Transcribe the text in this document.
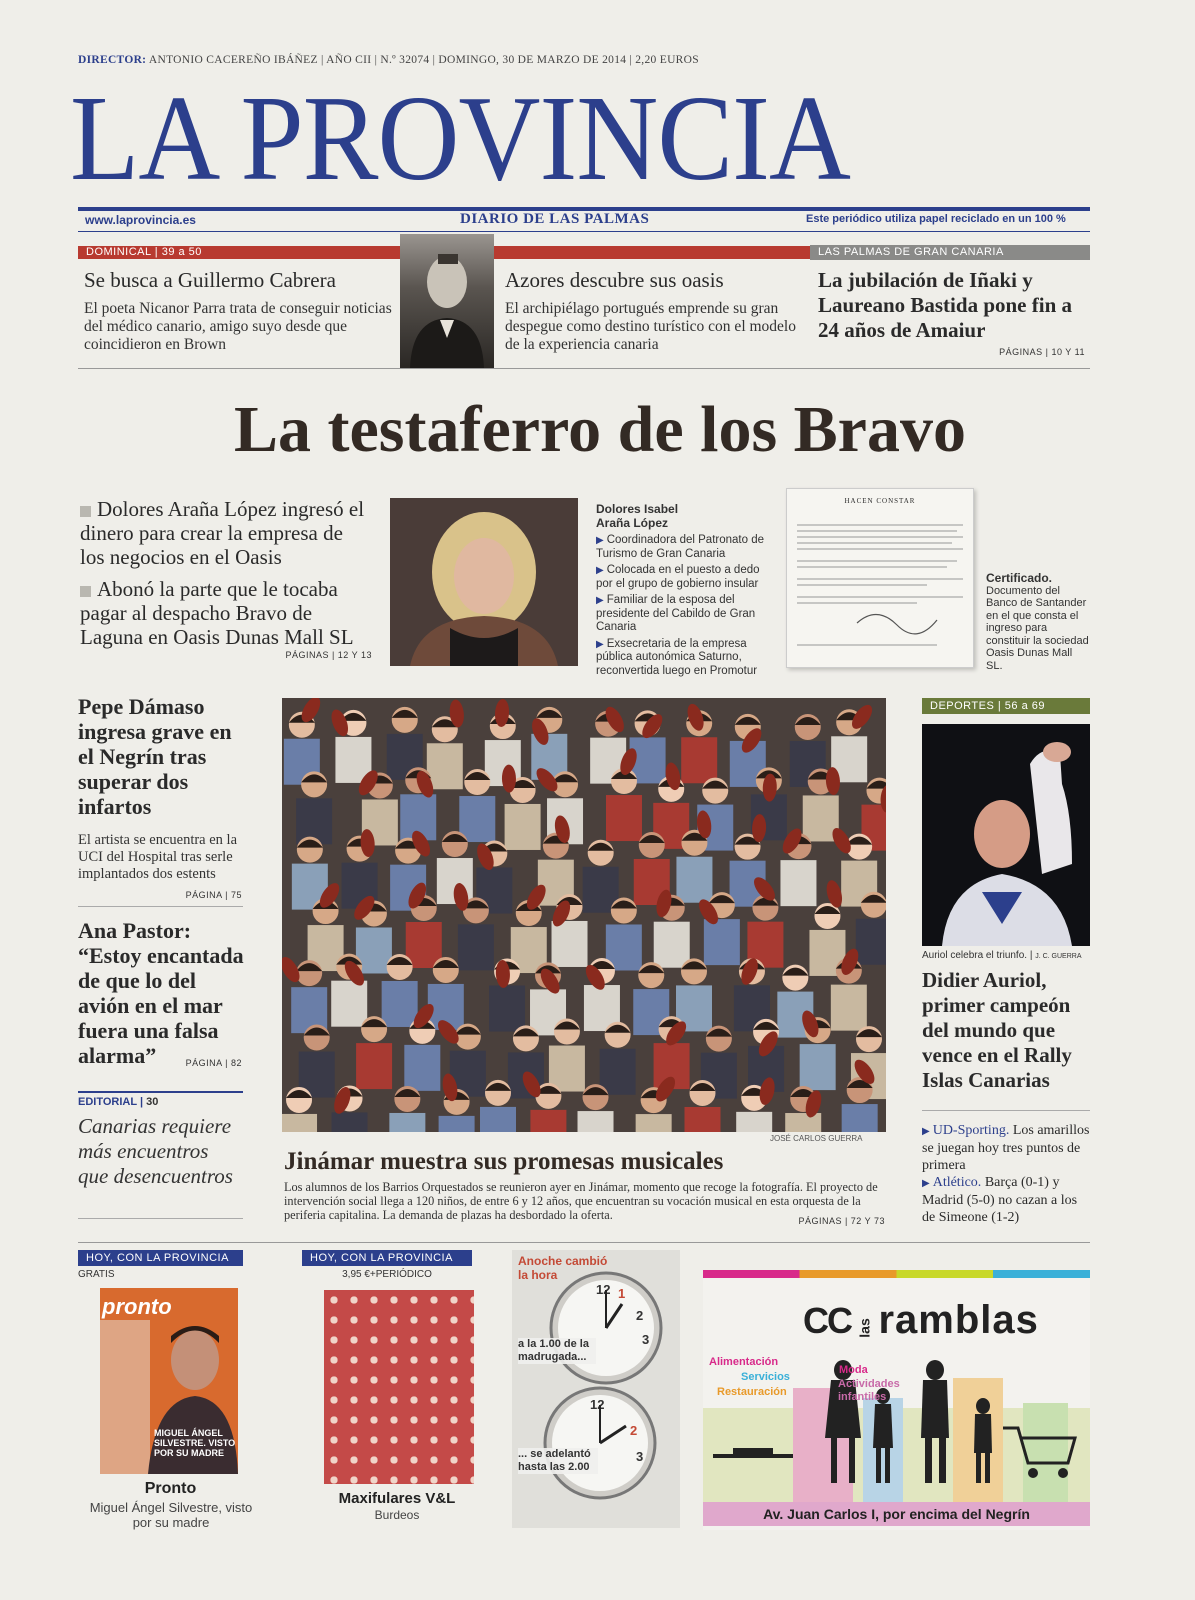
DIRECTOR: ANTONIO CACEREÑO IBÁÑEZ | AÑO CII | N.º 32074 | DOMINGO, 30 DE MARZO DE 2014 | 2,20 EUROS
LA PROVINCIA
www.laprovincia.es	DIARIO DE LAS PALMAS	Este periódico utiliza papel reciclado en un 100 %
DOMINICAL | 39 a 50	LAS PALMAS DE GRAN CANARIA
Se busca a Guillermo Cabrera
El poeta Nicanor Parra trata de conseguir noticias del médico canario, amigo suyo desde que coincidieron en Brown
Azores descubre sus oasis
El archipiélago portugués emprende su gran despegue como destino turístico con el modelo de la experiencia canaria
La jubilación de Iñaki y Laureano Bastida pone fin a 24 años de Amaiur
PÁGINAS | 10 Y 11
La testaferro de los Bravo
Dolores Araña López ingresó el dinero para crear la empresa de los negocios en el Oasis
Abonó la parte que le tocaba pagar al despacho Bravo de Laguna en Oasis Dunas Mall SL
PÁGINAS | 12 Y 13
Dolores Isabel
Araña López
▶ Coordinadora del Patronato de Turismo de Gran Canaria
▶ Colocada en el puesto a dedo por el grupo de gobierno insular
▶ Familiar de la esposa del presidente del Cabildo de Gran Canaria
▶ Exsecretaria de la empresa pública autonómica Saturno, reconvertida luego en Promotur
HACEN CONSTAR
Certificado.
Documento del Banco de Santander en el que consta el ingreso para constituir la sociedad Oasis Dunas Mall SL.
Pepe Dámaso ingresa grave en el Negrín tras superar dos infartos
El artista se encuentra en la UCI del Hospital tras serle implantados dos estents
PÁGINA | 75
Ana Pastor: “Estoy encantada de que lo del avión en el mar fuera una falsa alarma”	PÁGINA | 82
EDITORIAL | 30
Canarias requiere más encuentros que desencuentros
JOSÉ CARLOS GUERRA
Jinámar muestra sus promesas musicales
Los alumnos de los Barrios Orquestados se reunieron ayer en Jinámar, momento que recoge la fotografía. El proyecto de intervención social llega a 120 niños, de entre 6 y 12 años, que encuentran su vocación musical en esta orquesta de la periferia capitalina. La demanda de plazas ha desbordado la oferta.	PÁGINAS | 72 Y 73
DEPORTES | 56 a 69
Auriol celebra el triunfo. | J. C. GUERRA
Didier Auriol, primer campeón del mundo que vence en el Rally Islas Canarias
▶ UD-Sporting. Los amarillos se juegan hoy tres puntos de primera
▶ Atlético. Barça (0-1) y Madrid (5-0) no cazan a los de Simeone (1-2)
HOY, CON LA PROVINCIA
GRATIS
pronto
MIGUEL ÁNGEL SILVESTRE. VISTO POR SU MADRE
Pronto
Miguel Ángel Silvestre, visto por su madre
HOY, CON LA PROVINCIA
3,95 €+PERIÓDICO
Maxifulares V&L
Burdeos
Anoche cambió la hora
12 1
2
3
12
2
3
a la 1.00 de la madrugada...
... se adelantó hasta las 2.00
CC las ramblas
Alimentación
Servicios
Restauración
Moda
Actividades infantiles
Av. Juan Carlos I, por encima del Negrín
